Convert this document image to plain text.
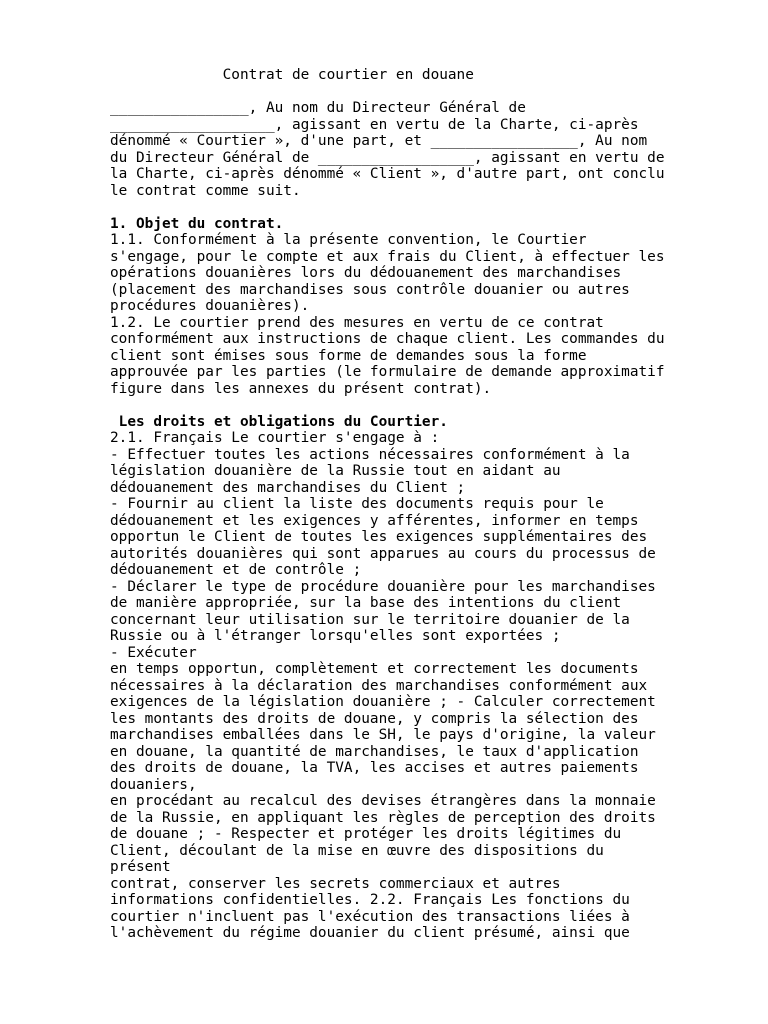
Contrat de courtier en douane
________________, Au nom du Directeur Général de
___________________, agissant en vertu de la Charte, ci-après
dénommé « Courtier », d'une part, et _________________, Au nom
du Directeur Général de __________________, agissant en vertu de
la Charte, ci-après dénommé « Client », d'autre part, ont conclu
le contrat comme suit.
1. Objet du contrat.
1.1. Conformément à la présente convention, le Courtier
s'engage, pour le compte et aux frais du Client, à effectuer les
opérations douanières lors du dédouanement des marchandises
(placement des marchandises sous contrôle douanier ou autres
procédures douanières).
1.2. Le courtier prend des mesures en vertu de ce contrat
conformément aux instructions de chaque client. Les commandes du
client sont émises sous forme de demandes sous la forme
approuvée par les parties (le formulaire de demande approximatif
figure dans les annexes du présent contrat).
Les droits et obligations du Courtier.
2.1. Français Le courtier s'engage à :
- Effectuer toutes les actions nécessaires conformément à la
législation douanière de la Russie tout en aidant au
dédouanement des marchandises du Client ;
- Fournir au client la liste des documents requis pour le
dédouanement et les exigences y afférentes, informer en temps
opportun le Client de toutes les exigences supplémentaires des
autorités douanières qui sont apparues au cours du processus de
dédouanement et de contrôle ;
- Déclarer le type de procédure douanière pour les marchandises
de manière appropriée, sur la base des intentions du client
concernant leur utilisation sur le territoire douanier de la
Russie ou à l'étranger lorsqu'elles sont exportées ;
- Exécuter
en temps opportun, complètement et correctement les documents
nécessaires à la déclaration des marchandises conformément aux
exigences de la législation douanière ; - Calculer correctement
les montants des droits de douane, y compris la sélection des
marchandises emballées dans le SH, le pays d'origine, la valeur
en douane, la quantité de marchandises, le taux d'application
des droits de douane, la TVA, les accises et autres paiements
douaniers,
en procédant au recalcul des devises étrangères dans la monnaie
de la Russie, en appliquant les règles de perception des droits
de douane ; - Respecter et protéger les droits légitimes du
Client, découlant de la mise en œuvre des dispositions du
présent
contrat, conserver les secrets commerciaux et autres
informations confidentielles. 2.2. Français Les fonctions du
courtier n'incluent pas l'exécution des transactions liées à
l'achèvement du régime douanier du client présumé, ainsi que
